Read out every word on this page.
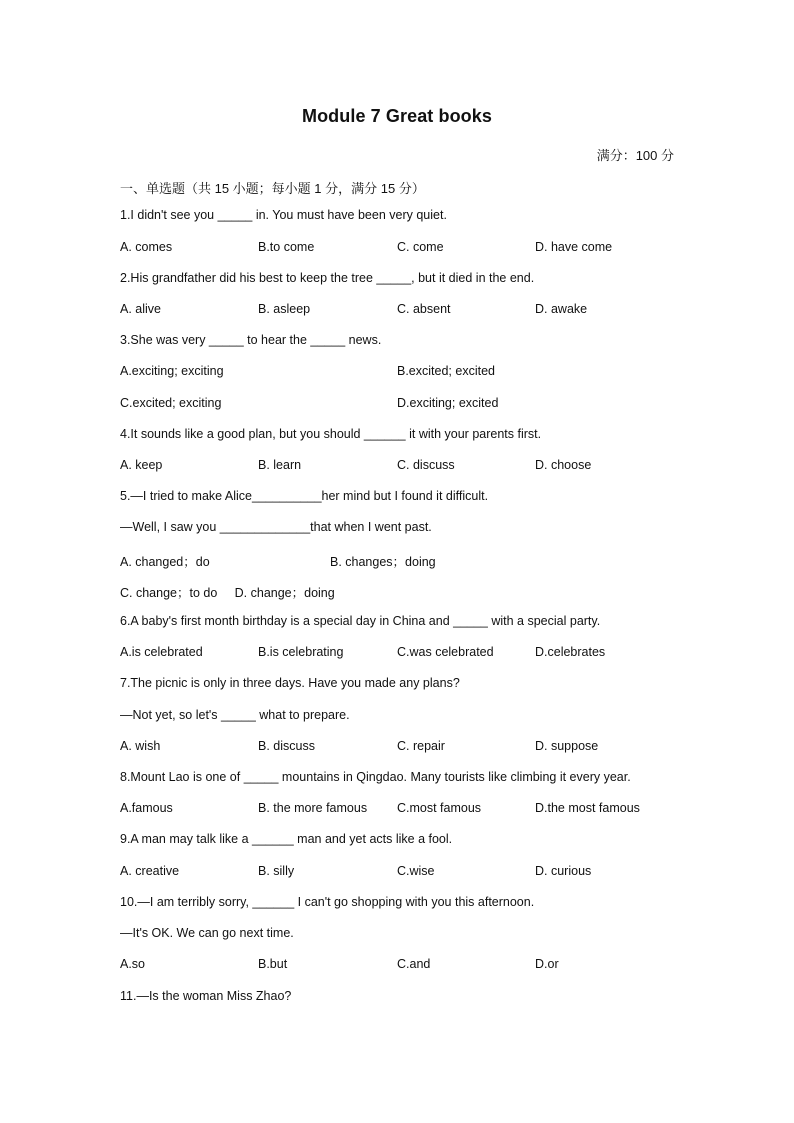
Module 7 Great books
满分：100 分
一、单选题（共 15 小题；每小题 1 分，满分 15 分）
1.I didn't see you _____ in. You must have been very quiet.
A. comes	B.to come	C. come	D. have come
2.His grandfather did his best to keep the tree _____, but it died in the end.
A. alive	B. asleep	C. absent	D. awake
3.She was very _____ to hear the _____ news.
A.exciting; exciting	B.excited; excited
C.excited; exciting	D.exciting; excited
4.It sounds like a good plan, but you should ______ it with your parents first.
A. keep	B. learn	C. discuss	D. choose
5.—I tried to make Alice__________her mind but I found it difficult.
—Well, I saw you _____________that when I went past.
A. changed；do	B. changes；doing
C. change；to do     D. change；doing
6.A baby's first month birthday is a special day in China and _____ with a special party.
A.is celebrated	B.is celebrating	C.was celebrated	D.celebrates
7.The picnic is only in three days. Have you made any plans?
—Not yet, so let's _____ what to prepare.
A. wish	B. discuss	C. repair	D. suppose
8.Mount Lao is one of _____ mountains in Qingdao. Many tourists like climbing it every year.
A.famous	B. the more famous C.most famous	D.the most famous
9.A man may talk like a ______ man and yet acts like a fool.
A. creative	B. silly	C.wise	D. curious
10.—I am terribly sorry, ______ I can't go shopping with you this afternoon.
—It's OK. We can go next time.
A.so	B.but	C.and	D.or
11.—Is the woman Miss Zhao?
